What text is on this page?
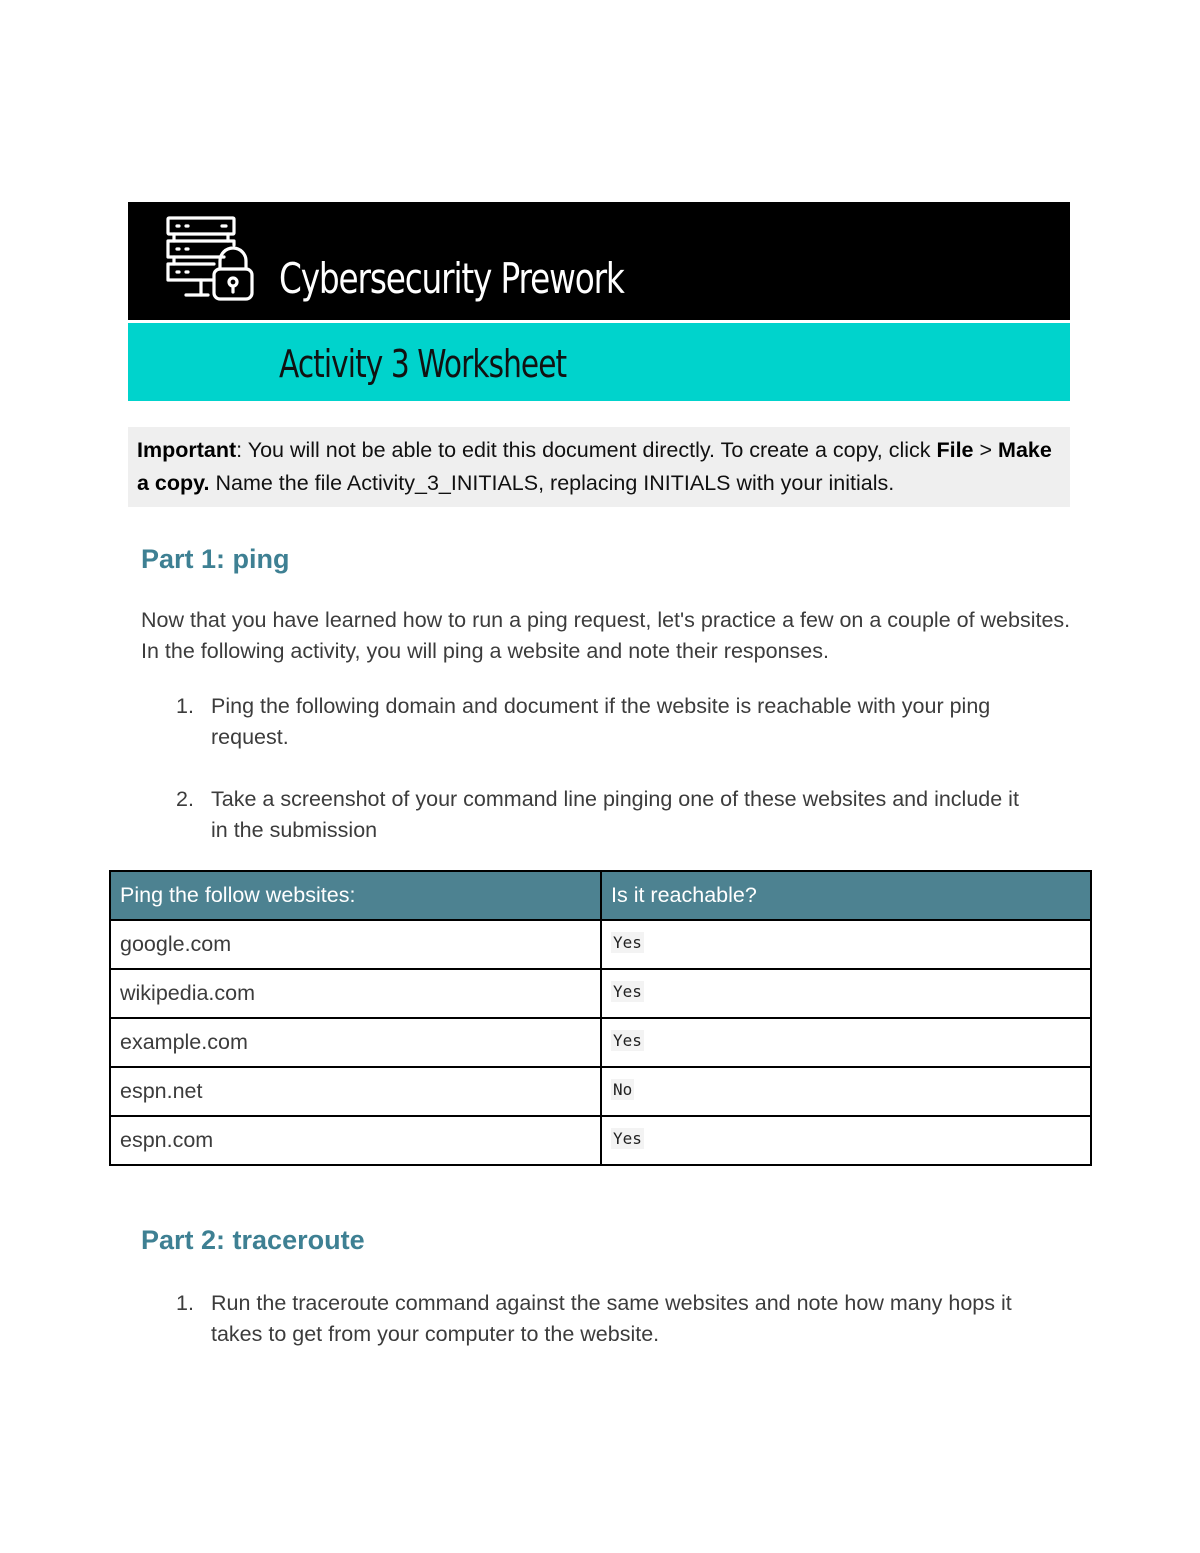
Cybersecurity Prework
Activity 3 Worksheet
Important: You will not be able to edit this document directly. To create a copy, click File > Make a copy. Name the file Activity_3_INITIALS, replacing INITIALS with your initials.
Part 1: ping
Now that you have learned how to run a ping request, let's practice a few on a couple of websites. In the following activity, you will ping a website and note their responses.
1. Ping the following domain and document if the website is reachable with your ping request.
2. Take a screenshot of your command line pinging one of these websites and include it in the submission
Ping the follow websites:	Is it reachable?
google.com	Yes
wikipedia.com	Yes
example.com	Yes
espn.net	No
espn.com	Yes
Part 2: traceroute
1. Run the traceroute command against the same websites and note how many hops it takes to get from your computer to the website.
